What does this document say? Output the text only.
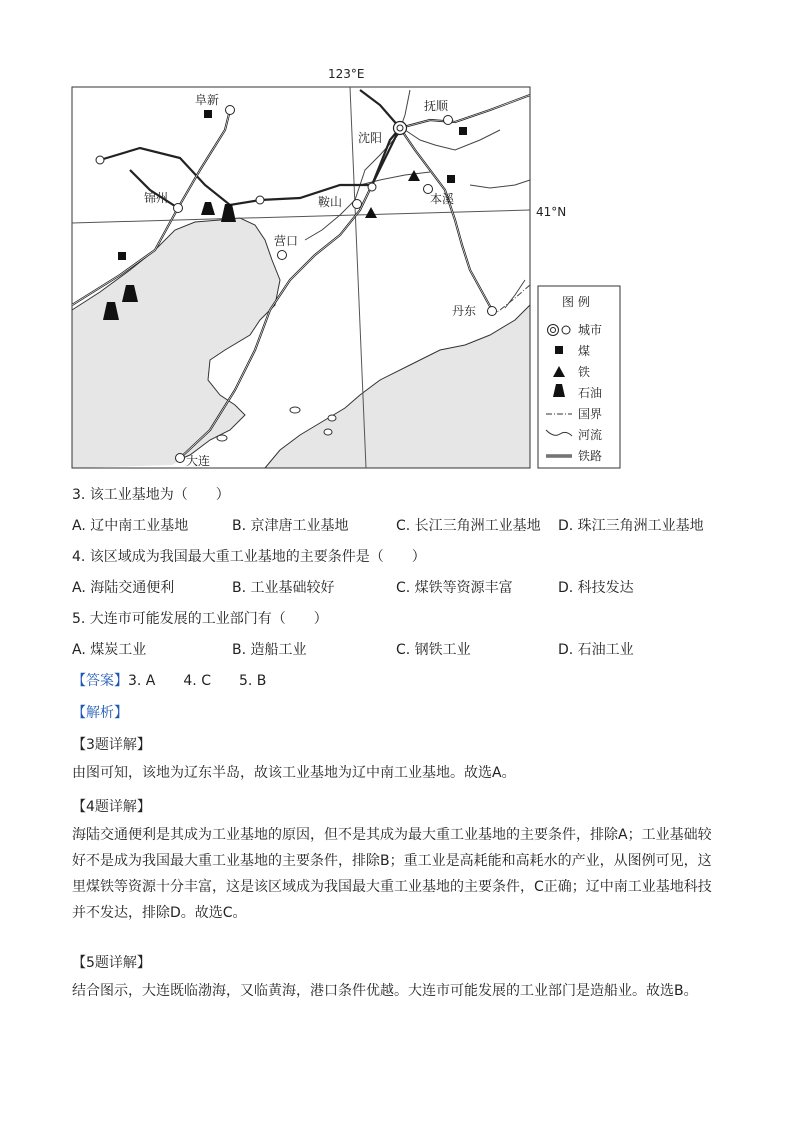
123°E
41°N
阜新	抚顺
沈阳
锦州	鞍山	本溪
营口
丹东
大连
图 例
城市
煤
铁
石油
国界
河流
铁路
3. 该工业基地为（　　）
A. 辽中南工业基地	B. 京津唐工业基地	C. 长江三角洲工业基地 D. 珠江三角洲工业基地
4. 该区域成为我国最大重工业基地的主要条件是（　　）
A. 海陆交通便利	B. 工业基础较好	C. 煤铁等资源丰富	D. 科技发达
5. 大连市可能发展的工业部门有（　　）
A. 煤炭工业	B. 造船工业	C. 钢铁工业	D. 石油工业
【答案】3. A　　4. C　　5. B
【解析】
【3题详解】
由图可知，该地为辽东半岛，故该工业基地为辽中南工业基地。故选A。
【4题详解】
海陆交通便利是其成为工业基地的原因，但不是其成为最大重工业基地的主要条件，排除A；工业基础较
好不是成为我国最大重工业基地的主要条件，排除B；重工业是高耗能和高耗水的产业，从图例可见，这
里煤铁等资源十分丰富，这是该区域成为我国最大重工业基地的主要条件，C正确；辽中南工业基地科技
并不发达，排除D。故选C。
【5题详解】
结合图示，大连既临渤海，又临黄海，港口条件优越。大连市可能发展的工业部门是造船业。故选B。
